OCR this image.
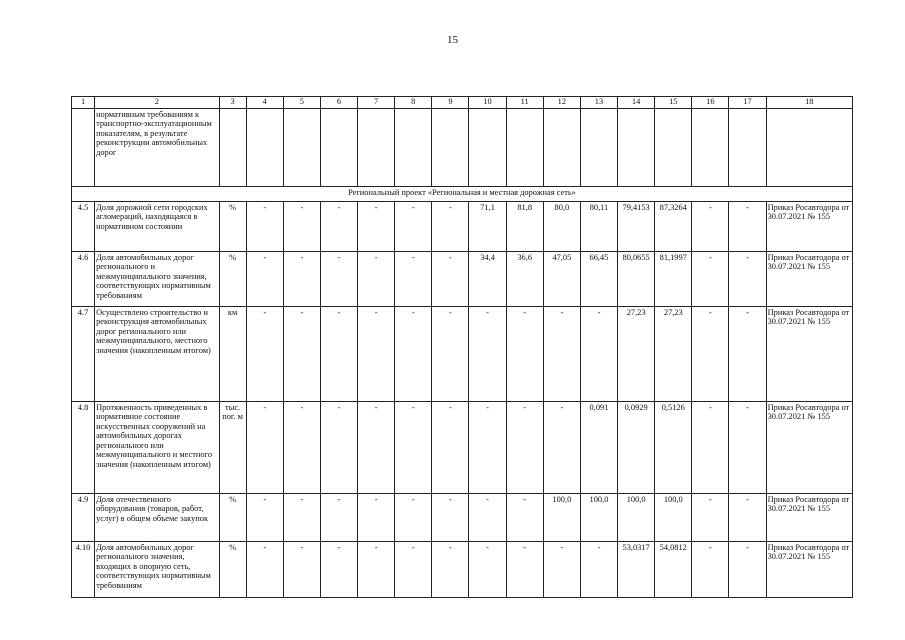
15
1	2	3	4	5	6	7	8	9	10	11	12	13	14	15	16	17	18
	нормативным требованиям к транспортно-эксплуатационным показателям, в результате реконструкции автомобильных дорог																
Региональный проект «Региональная и местная дорожная сеть»																	
4.5	Доля дорожной сети городских агломераций, находящаяся в нормативном состоянии	%	-	-	-	-	-	-	71,1	81,8	80,0	80,11	79,4153	87,3264	-	-	Приказ Росавтодора от 30.07.2021 № 155
4.6	Доля автомобильных дорог регионального и межмуниципального значения, соответствующих нормативным требованиям	%	-	-	-	-	-	-	34,4	36,6	47,05	66,45	80,0655	81,1997	-	-	Приказ Росавтодора от 30.07.2021 № 155
4.7	Осуществлено строительство и реконструкция автомобильных дорог регионального или межмуниципального, местного значения (накопленным итогом)	км	-	-	-	-	-	-	-	-	-	-	27,23	27,23	-	-	Приказ Росавтодора от 30.07.2021 № 155
4.8	Протяженность приведенных в нормативное состояние искусственных сооружений на автомобильных дорогах регионального или межмуниципального и местного значения (накопленным итогом)	тыс. пог. м	-	-	-	-	-	-	-	-	-	0,091	0,0929	0,5126	-	-	Приказ Росавтодора от 30.07.2021 № 155
4.9	Доля отечественного оборудования (товаров, работ, услуг) в общем объеме закупок	%	-	-	-	-	-	-	-	-	100,0	100,0	100,0	100,0	-	-	Приказ Росавтодора от 30.07.2021 № 155
4.10	Доля автомобильных дорог регионального значения, входящих в опорную сеть, соответствующих нормативным требованиям	%	-	-	-	-	-	-	-	-	-	-	53,0317	54,0812	-	-	Приказ Росавтодора от 30.07.2021 № 155
